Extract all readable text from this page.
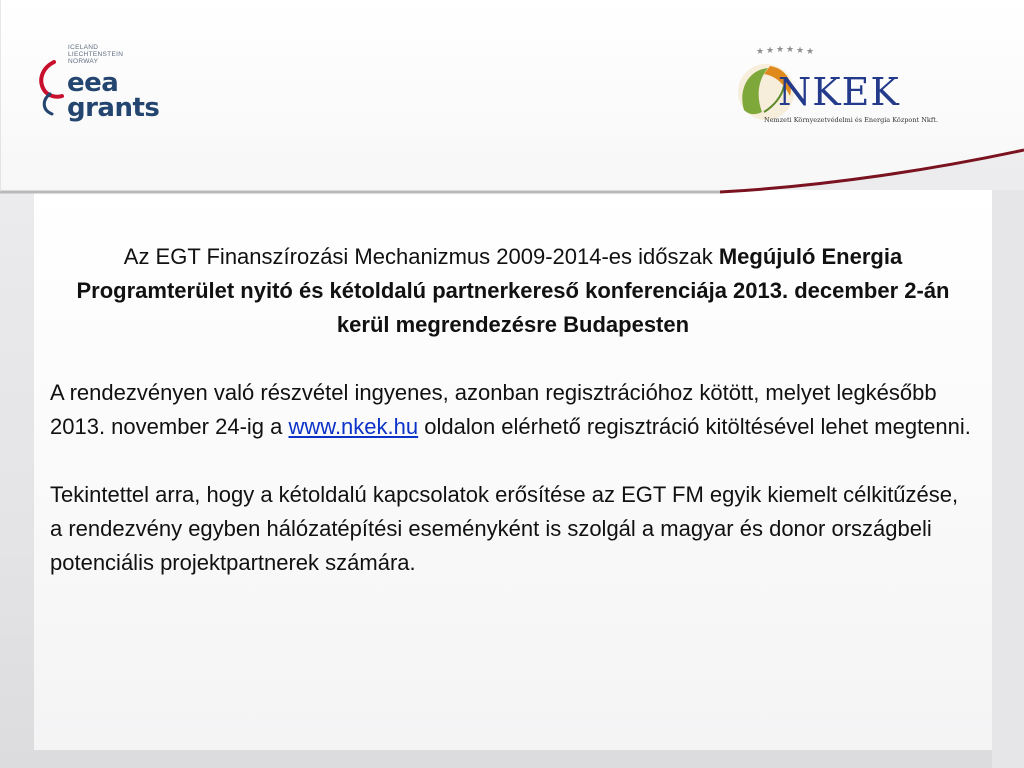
ICELAND
LIECHTENSTEIN
NORWAY
eea
grants
★ ★ ★ ★ ★ ★
NKEK
Nemzeti Környezetvédelmi és Energia Központ Nkft.

Az EGT Finanszírozási Mechanizmus 2009-2014-es időszak Megújuló Energia Programterület nyitó és kétoldalú partnerkereső konferenciája 2013. december 2-án kerül megrendezésre Budapesten

A rendezvényen való részvétel ingyenes, azonban regisztrációhoz kötött, melyet legkésőbb 2013. november 24-ig a www.nkek.hu oldalon elérhető regisztráció kitöltésével lehet megtenni.

Tekintettel arra, hogy a kétoldalú kapcsolatok erősítése az EGT FM egyik kiemelt célkitűzése, a rendezvény egyben hálózatépítési eseményként is szolgál a magyar és donor országbeli potenciális projektpartnerek számára.
